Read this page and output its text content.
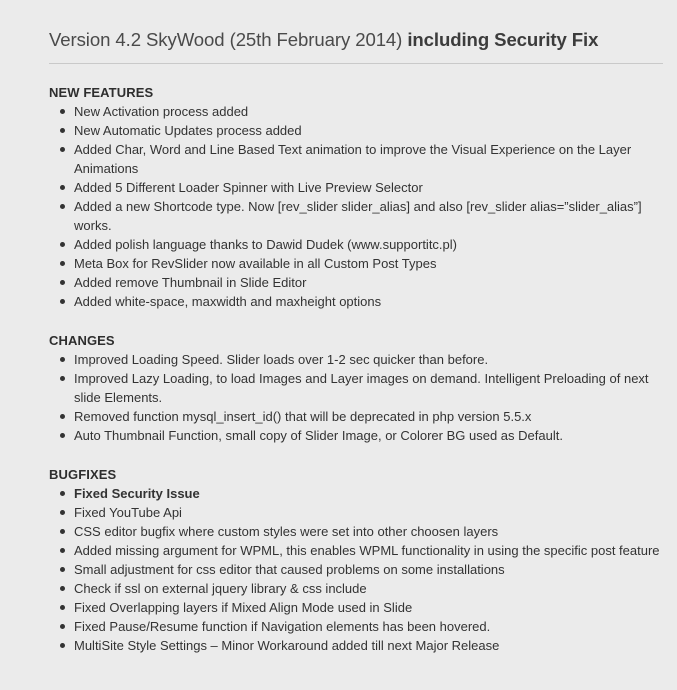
Version 4.2 SkyWood (25th February 2014) including Security Fix
NEW FEATURES
New Activation process added
New Automatic Updates process added
Added Char, Word and Line Based Text animation to improve the Visual Experience on the Layer Animations
Added 5 Different Loader Spinner with Live Preview Selector
Added a new Shortcode type. Now [rev_slider slider_alias] and also [rev_slider alias=”slider_alias”] works.
Added polish language thanks to Dawid Dudek (www.supportitc.pl)
Meta Box for RevSlider now available in all Custom Post Types
Added remove Thumbnail in Slide Editor
Added white-space, maxwidth and maxheight options
CHANGES
Improved Loading Speed. Slider loads over 1-2 sec quicker than before.
Improved Lazy Loading, to load Images and Layer images on demand. Intelligent Preloading of next slide Elements.
Removed function mysql_insert_id() that will be deprecated in php version 5.5.x
Auto Thumbnail Function, small copy of Slider Image, or Colorer BG used as Default.
BUGFIXES
Fixed Security Issue
Fixed YouTube Api
CSS editor bugfix where custom styles were set into other choosen layers
Added missing argument for WPML, this enables WPML functionality in using the specific post feature
Small adjustment for css editor that caused problems on some installations
Check if ssl on external jquery library & css include
Fixed Overlapping layers if Mixed Align Mode used in Slide
Fixed Pause/Resume function if Navigation elements has been hovered.
MultiSite Style Settings – Minor Workaround added till next Major Release
